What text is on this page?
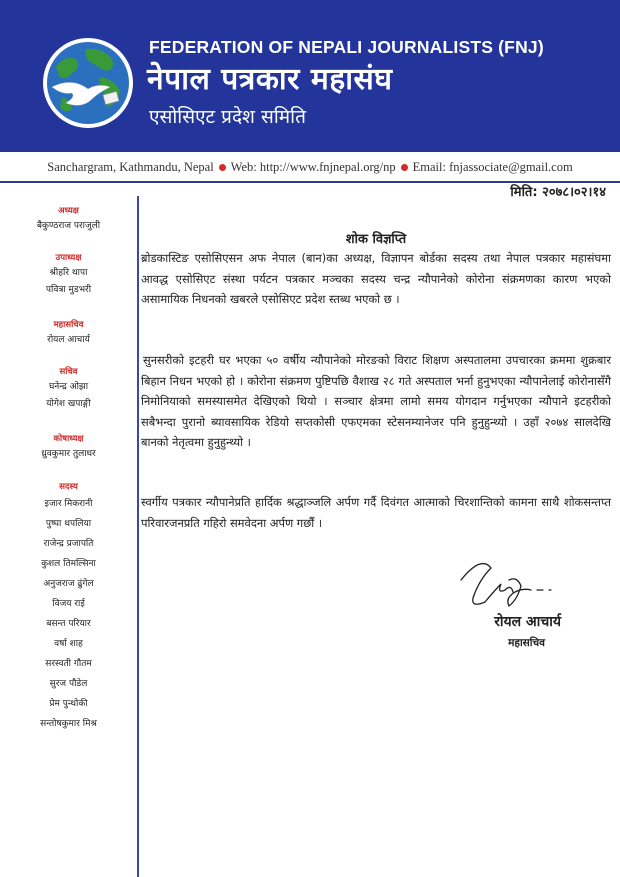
FEDERATION OF NEPALI JOURNALISTS (FNJ)
नेपाल पत्रकार महासंघ
एसोसिएट प्रदेश समिति
Sanchargram, Kathmandu, Nepal Web: http://www.fnjnepal.org/np Email: fnjassociate@gmail.com
मिति: २०७८।०२।१४
अध्यक्ष
बैकुण्ठराज पराजुली
उपाध्यक्ष
श्रीहरि थापा
पवित्रा मुडभरी
महासचिव
रोयल आचार्य
सचिव
घनेन्द्र ओझा
योगेश खपाङ्गी
कोषाध्यक्ष
ध्रुवकुमार तुलाधर
सदस्य
इजार मिकरानी
पुष्पा थपलिया
राजेन्द्र प्रजापति
कुशल तिमल्सिना
अनुजराज ढुंगेल
विजय राई
बसन्त परियार
वर्षा शाह
सरस्वती गौतम
सुरज पौडेल
प्रेम पुन्थोकी
सन्तोषकुमार मिश्र
शोक विज्ञप्ति
ब्रोडकास्टिङ एसोसिएसन अफ नेपाल (बान)का अध्यक्ष, विज्ञापन बोर्डका सदस्य तथा नेपाल पत्रकार महासंघमा आवद्ध एसोसिएट संस्था पर्यटन पत्रकार मञ्चका सदस्य चन्द्र न्यौपानेको कोरोना संक्रमणका कारण भएको असामायिक निधनको खबरले एसोसिएट प्रदेश स्तब्ध भएको छ ।
सुनसरीको इटहरी घर भएका ५० वर्षीय न्यौपानेको मोरङको विराट शिक्षण अस्पतालमा उपचारका क्रममा शुक्रबार बिहान निधन भएको हो । कोरोना संक्रमण पुष्टिपछि वैशाख २८ गते अस्पताल भर्ना हुनुभएका न्यौपानेलाई कोरोनासँगै निमोनियाको समस्यासमेत देखिएको थियो । सञ्चार क्षेत्रमा लामो समय योगदान गर्नुभएका न्यौपाने इटहरीको सबैभन्दा पुरानो ब्यावसायिक रेडियो सप्तकोसी एफएमका स्टेसनम्यानेजर पनि हुनुहुन्थ्यो । उहाँ २०७४ सालदेखि बानको नेतृत्वमा हुनुहुन्थ्यो ।
स्वर्गीय पत्रकार न्यौपानेप्रति हार्दिक श्रद्धाञ्जलि अर्पण गर्दै दिवंगत आत्माको चिरशान्तिको कामना साथै शोकसन्तप्त परिवारजनप्रति गहिरो समवेदना अर्पण गर्छौं ।
रोयल आचार्य
महासचिव
